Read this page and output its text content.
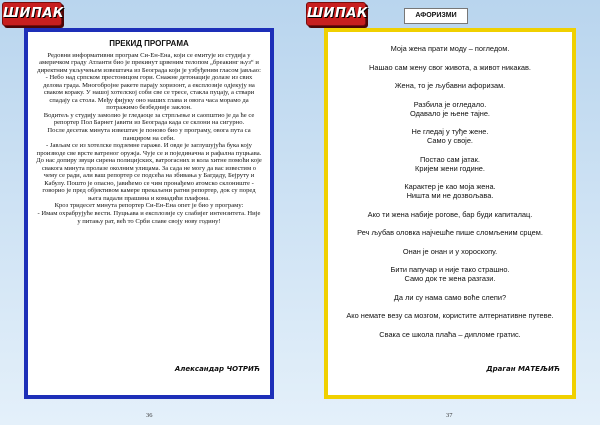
ШИПАК
ПРЕКИД ПРОГРАМА

Редовни информативни програм Си-Ен-Ена, који се емитује из студија у америчком граду Атланти био је прекинут црвеним телопом „бреакинг њуз“ и директним укључењем извештача из Београда који је узбуђеним гласом јављао:

- Небо над српском престоницом гори. Снажне детонације долазе из свих делова града. Многобројне ракете парају хоризонт, а експлозије одјекују на сваком кораку. У нашој хотелској соби све се тресе, стакла пуцају, а ствари спадају са стола. Међу фијуку оно наших глава и овога часа морамо да потражимо безбедније заклон.

Водитељ у студију замолио је гледаоце за стрпљење и саопштио је да ће се репортер Пол Барнет јавити из Београда када се склони на сигурно.

После десетак минута извештач је поново био у програму, овога пута са панциром на себи.

- Јављам се из хотелске подземне гараже. И овде је заглушујућа бука коју производе све врсте ватреног оружја. Чује се и појединачна и рафална пуцњава. До нас допиру звуци сирена полицијских, ватрогасних и кола хитне помоћи које свакога минута пролазе околним улицама. За сада не могу да вас известим о чему се ради, али ваш репортер се подсећа на збивања у Багдаду, Бејруту и Кабулу. Пошто је опасно, јавићемо се чим пронађемо атомско склониште - говорио је пред објективом камере прекаљени ратни репортер, док су поред њега падали прашина и комадићи плафона.

Кроз тридесет минута репортер Си-Ен-Ена опет је био у програму:

- Имам охрабрујуће вести. Пуцњава и експлозије су слабијег интензитета. Није у питању рат, већ то Срби славе своју нову годину!

Александар ЧОТРИЋ
36
ШИПАК	АФОРИЗМИ

Моја жена прати моду – погледом.

Нашао сам жену свог живота, а живот никакав.

Жена, то је љубавни афоризам.

Разбила је огледало.
Одавало је њене тајне.

Не гледај у туђе жене.
Само у своје.

Постао сам јатак.
Кријем жени године.

Карактер је као моја жена.
Ништа ми не дозвољава.

Ако ти жена набије рогове, бар буди капиталац.

Реч љубав оловка најчешће пише сломљеним срцем.

Онан је онан и у хороскопу.

Бити папучар и није тако страшно.
Само док те жена разгази.

Да ли су нама само воће слепи?

Ако немате везу са мозгом, користите алтернативне путеве.

Свака се школа плаћа – дипломе гратис.

Драган МАТЕЉИЋ
37
